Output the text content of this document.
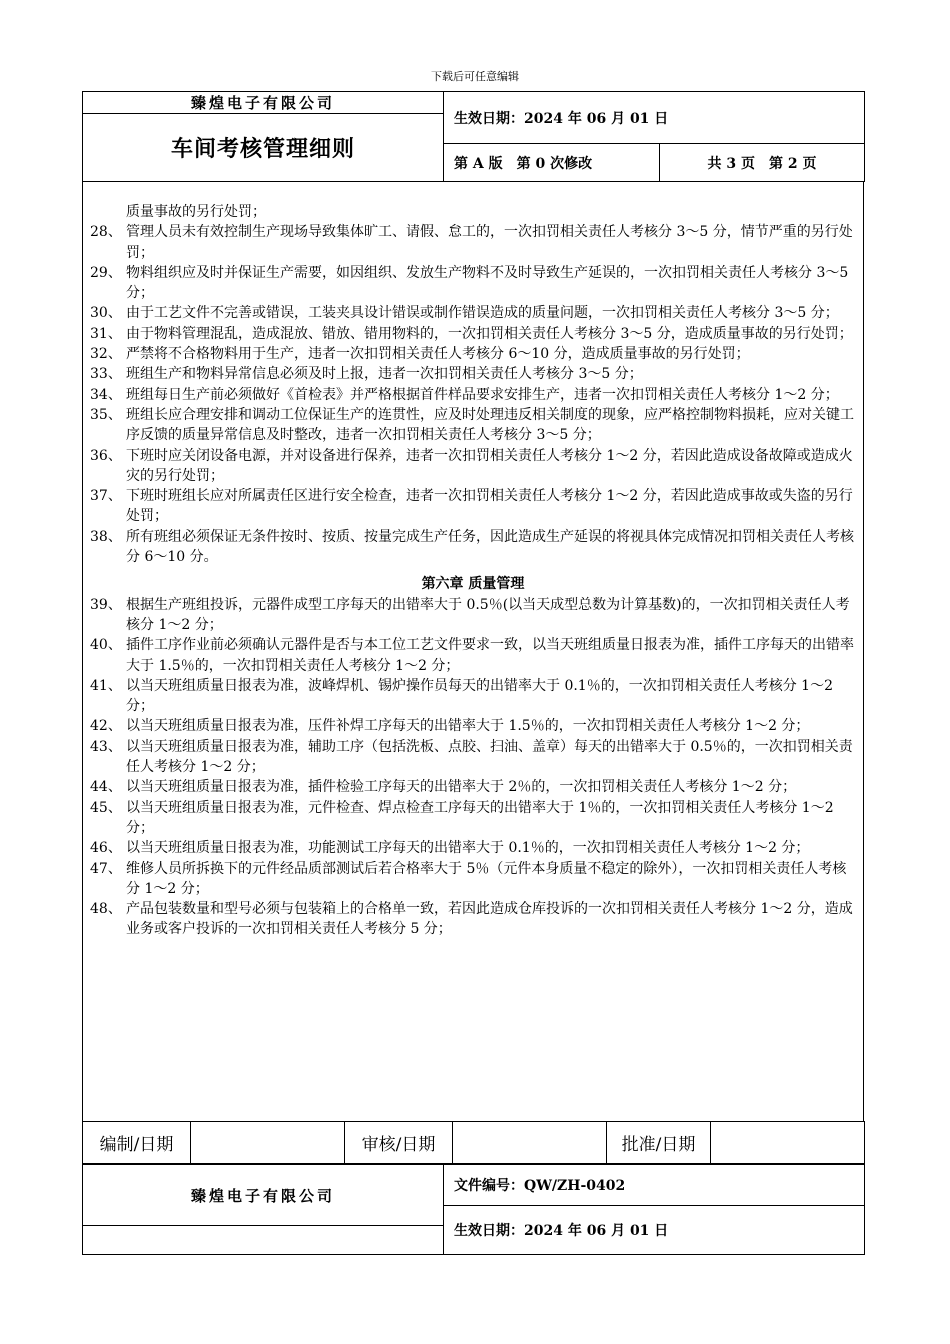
下载后可任意编辑
臻煌电子有限公司	生效日期：2024 年 06 月 01 日	
车间考核管理细则		
	第 A 版　第 0 次修改	共 3 页　第 2 页
质量事故的另行处罚；
28、 管理人员未有效控制生产现场导致集体旷工、请假、怠工的，一次扣罚相关责任人考核分 3～5 分，情节严重的另行处罚；
29、 物料组织应及时并保证生产需要，如因组织、发放生产物料不及时导致生产延误的，一次扣罚相关责任人考核分 3～5 分；
30、 由于工艺文件不完善或错误，工装夹具设计错误或制作错误造成的质量问题，一次扣罚相关责任人考核分 3～5 分；
31、 由于物料管理混乱，造成混放、错放、错用物料的，一次扣罚相关责任人考核分 3～5 分，造成质量事故的另行处罚；
32、 严禁将不合格物料用于生产，违者一次扣罚相关责任人考核分 6～10 分，造成质量事故的另行处罚；
33、 班组生产和物料异常信息必须及时上报，违者一次扣罚相关责任人考核分 3～5 分；
34、 班组每日生产前必须做好《首检表》并严格根据首件样品要求安排生产，违者一次扣罚相关责任人考核分 1～2 分；
35、 班组长应合理安排和调动工位保证生产的连贯性，应及时处理违反相关制度的现象，应严格控制物料损耗，应对关键工序反馈的质量异常信息及时整改，违者一次扣罚相关责任人考核分 3～5 分；
36、 下班时应关闭设备电源，并对设备进行保养，违者一次扣罚相关责任人考核分 1～2 分，若因此造成设备故障或造成火灾的另行处罚；
37、 下班时班组长应对所属责任区进行安全检查，违者一次扣罚相关责任人考核分 1～2 分，若因此造成事故或失盗的另行处罚；
38、 所有班组必须保证无条件按时、按质、按量完成生产任务，因此造成生产延误的将视具体完成情况扣罚相关责任人考核分 6～10 分。
第六章 质量管理
39、 根据生产班组投诉，元器件成型工序每天的出错率大于 0.5％(以当天成型总数为计算基数)的，一次扣罚相关责任人考核分 1～2 分；
40、 插件工序作业前必须确认元器件是否与本工位工艺文件要求一致，以当天班组质量日报表为准，插件工序每天的出错率大于 1.5％的，一次扣罚相关责任人考核分 1～2 分；
41、 以当天班组质量日报表为准，波峰焊机、锡炉操作员每天的出错率大于 0.1％的，一次扣罚相关责任人考核分 1～2 分；
42、 以当天班组质量日报表为准，压件补焊工序每天的出错率大于 1.5％的，一次扣罚相关责任人考核分 1～2 分；
43、 以当天班组质量日报表为准，辅助工序（包括洗板、点胶、扫油、盖章）每天的出错率大于 0.5％的，一次扣罚相关责任人考核分 1～2 分；
44、 以当天班组质量日报表为准，插件检验工序每天的出错率大于 2％的，一次扣罚相关责任人考核分 1～2 分；
45、 以当天班组质量日报表为准，元件检查、焊点检查工序每天的出错率大于 1％的，一次扣罚相关责任人考核分 1～2 分；
46、 以当天班组质量日报表为准，功能测试工序每天的出错率大于 0.1％的，一次扣罚相关责任人考核分 1～2 分；
47、 维修人员所拆换下的元件经品质部测试后若合格率大于 5％（元件本身质量不稳定的除外），一次扣罚相关责任人考核分 1～2 分；
48、 产品包装数量和型号必须与包装箱上的合格单一致，若因此造成仓库投诉的一次扣罚相关责任人考核分 1～2 分，造成业务或客户投诉的一次扣罚相关责任人考核分 5 分；
编制/日期		审核/日期		批准/日期	
臻煌电子有限公司	文件编号：QW/ZH-0402
生效日期：2024 年 06 月 01 日
